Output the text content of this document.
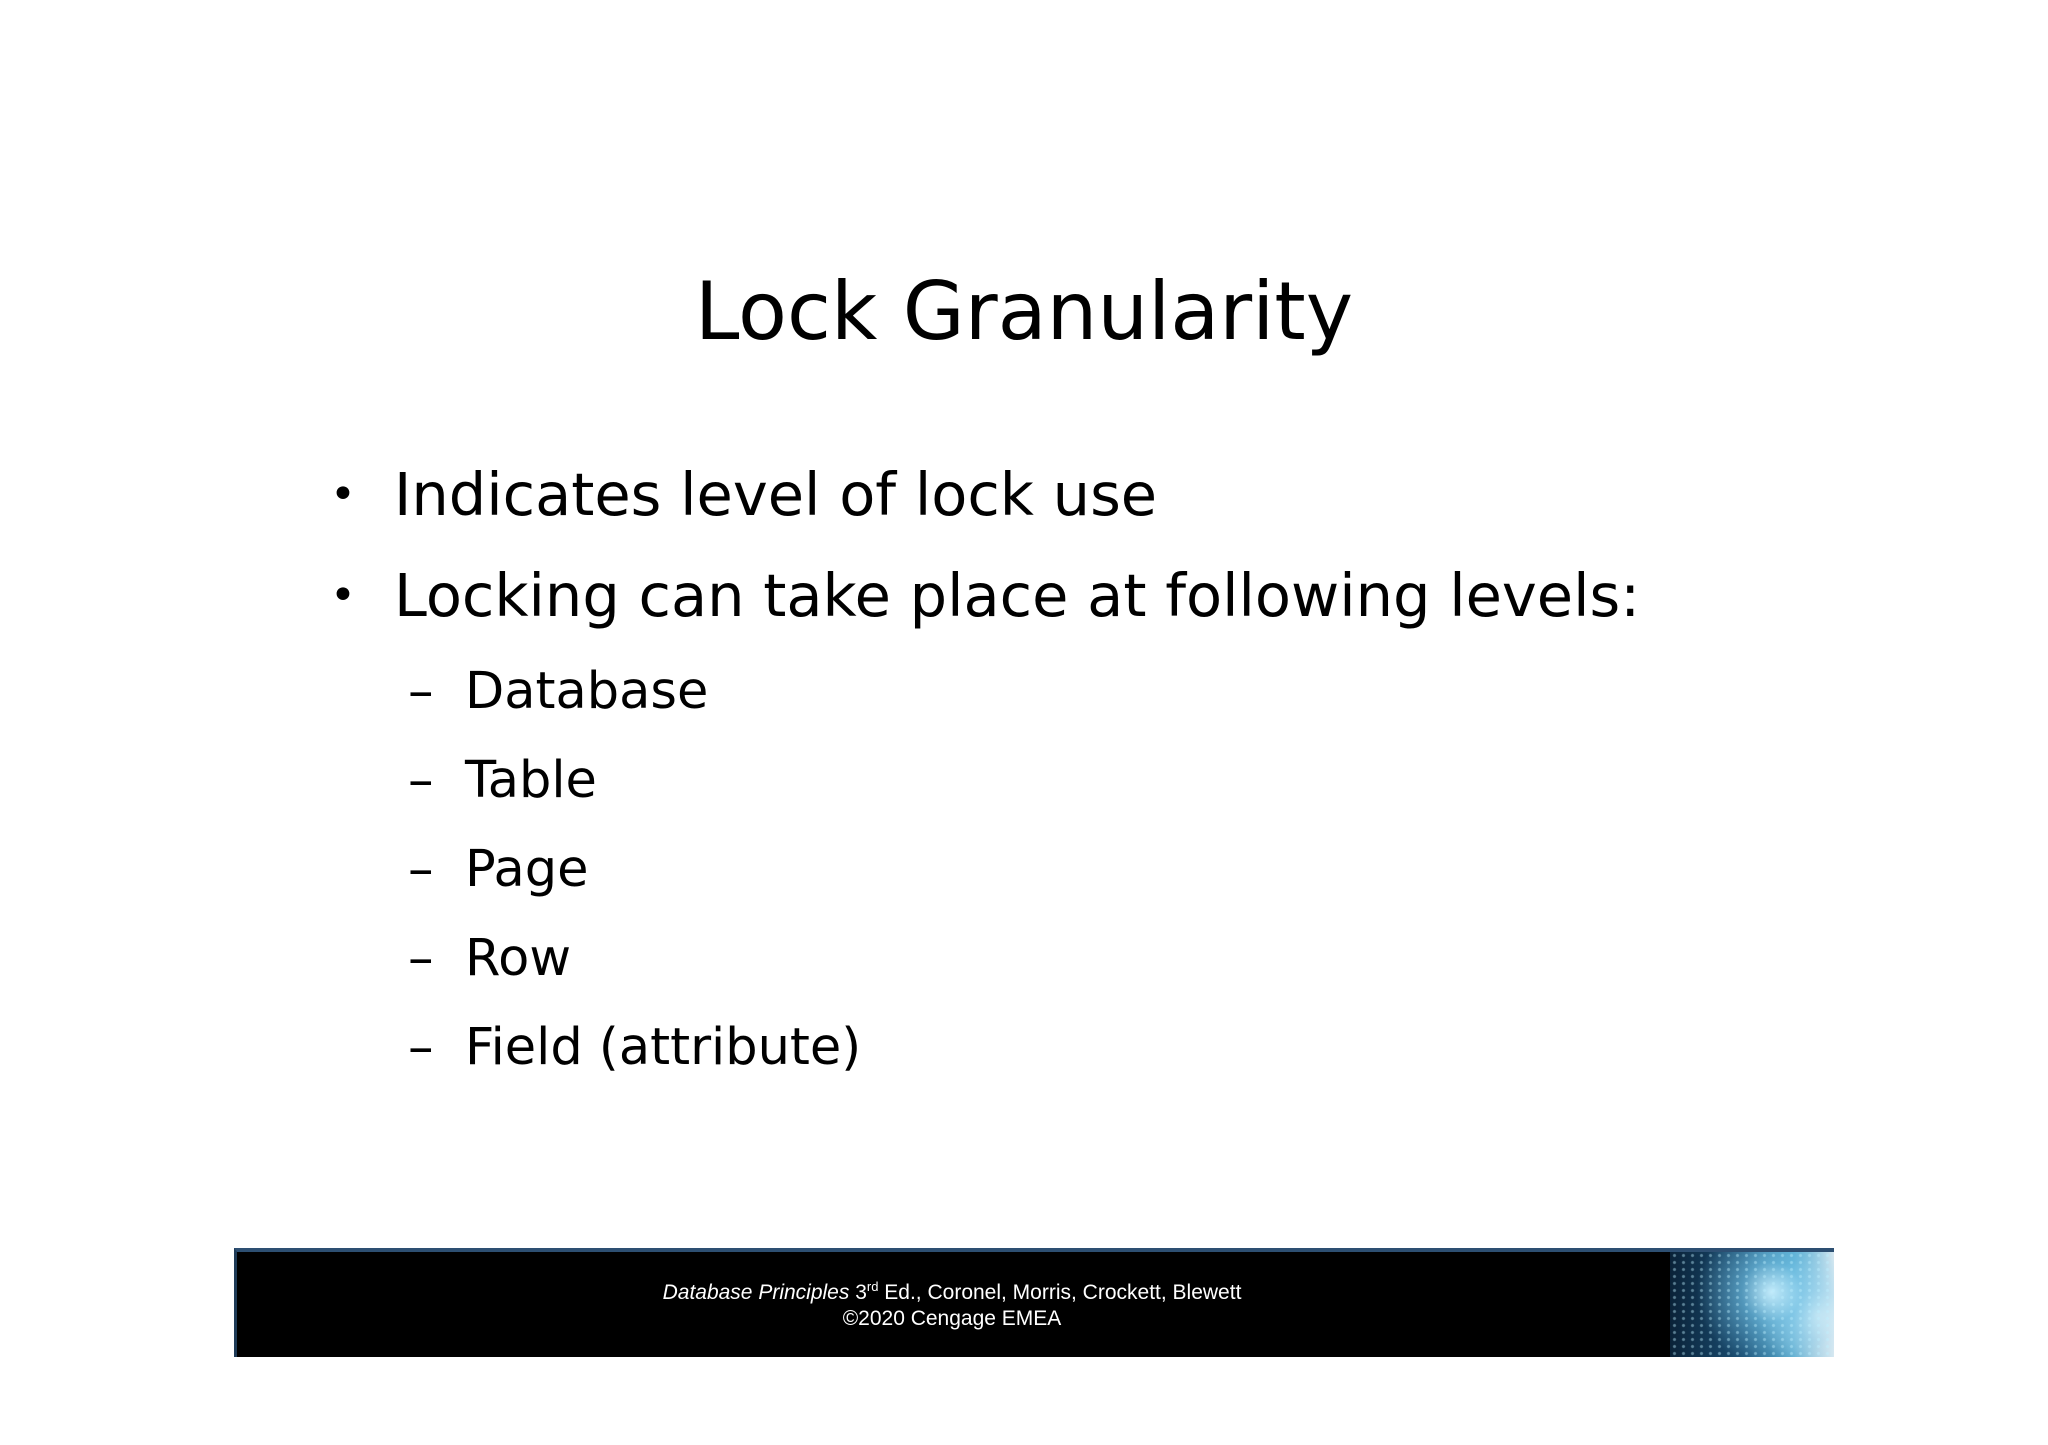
Lock Granularity
• Indicates level of lock use
• Locking can take place at following levels:
– Database
– Table
– Page
– Row
– Field (attribute)
Database Principles 3rd Ed., Coronel, Morris, Crockett, Blewett
©2020 Cengage EMEA
